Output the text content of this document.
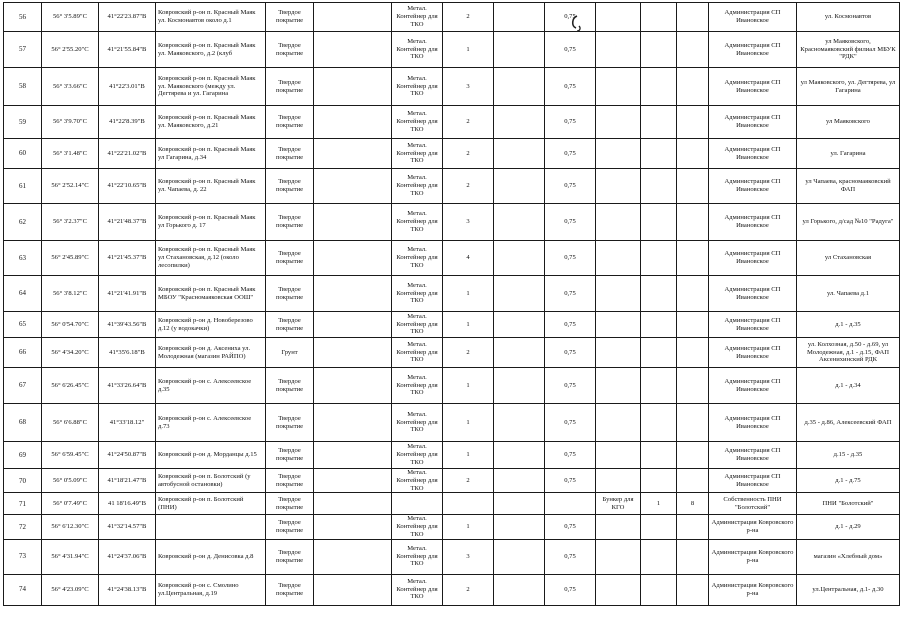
56	56° 3'5.89"С	41°22'23.87"В	Ковровский р-он п. Красный Маяк ул. Космонавтов около д.1	Твердое покрытие		Метал. Контейнер для ТКО	2		0,75				Администрация СП Ивановское	ул. Космонавтов
57	56° 2'55.20"С	41°21'55.84"В	Ковровский р-он п. Красный Маяк ул. Маяковского, д.2 (клуб	Твердое покрытие		Метал. Контейнер для ТКО	1		0,75				Администрация СП Ивановское	ул Маяковского, Красномаяковский филиал МБУК "РДК"
58	56° 3'3.66"С	41°22'3.01"В	Ковровский р-он п. Красный Маяк ул. Маяковского (между ул. Дегтярева и ул. Гагарина	Твердое покрытие		Метал. Контейнер для ТКО	3		0,75				Администрация СП Ивановское	ул Маяковского, ул. Дегтярева, ул Гагарина
59	56° 3'9.70"С	41°22'8.39"В	Ковровский р-он п. Красный Маяк ул. Маяковского, д.21	Твердое покрытие		Метал. Контейнер для ТКО	2		0,75				Администрация СП Ивановское	ул Маяковского
60	56° 3'1.48"С	41°22'21.02"В	Ковровский р-он п. Красный Маяк ул Гагарина, д.34	Твердое покрытие		Метал. Контейнер для ТКО	2		0,75				Администрация СП Ивановское	ул. Гагарина
61	56° 2'52.14"С	41°22'10.65"В	Ковровский р-он п. Красный Маяк ул. Чапаева, д. 22	Твердое покрытие		Метал. Контейнер для ТКО	2		0,75				Администрация СП Ивановское	ул Чапаева, красномаяковский ФАП
62	56° 3'2.37"С	41°21'48.37"В	Ковровский р-он п. Красный Маяк ул Горького д. 17	Твердое покрытие		Метал. Контейнер для ТКО	3		0,75				Администрация СП Ивановское	ул Горького, д/сад №10 "Радуга"
63	56° 2'45.89"С	41°21'45.37"В	Ковровский р-он п. Красный Маяк ул Стахановская, д.12 (около лесопилки)	Твердое покрытие		Метал. Контейнер для ТКО	4		0,75				Администрация СП Ивановское	ул Стахановская
64	56° 3'8.12"С	41°21'41.91"В	Ковровский р-он п. Красный Маяк МБОУ "Красномаяковская ООШ"	Твердое покрытие		Метал. Контейнер для ТКО	1		0,75				Администрация СП Ивановское	ул. Чапаева д.1
65	56° 0'54.70"С	41°39'43.56"В	Ковровский р-он д. Новоберезово д.12 (у водокачки)	Твердое покрытие		Метал. Контейнер для ТКО	1		0,75				Администрация СП Ивановское	д.1 - д.35
66	56° 4'34.20"С	41°35'6.18"В	Ковровский р-он д. Аксениха ул. Молодежная (магазин РАЙПО)	Грунт		Метал. Контейнер для ТКО	2		0,75				Администрация СП Ивановское	ул. Колхозная, д.50 - д.69, ул Молодежная, д.1 - д.15, ФАП Аксенихинский РДК
67	56° 6'26.45"С	41°33'26.64"В	Ковровский р-он с. Алексеевское д.35	Твердое покрытие		Метал. Контейнер для ТКО	1		0,75				Администрация СП Ивановское	д.1 - д.34
68	56° 6'6.88"С	41°33'18.12"	Ковровский р-он с. Алексеевское д.73	Твердое покрытие		Метал. Контейнер для ТКО	1		0,75				Администрация СП Ивановское	д.35 - д.86, Алексеевский ФАП
69	56° 6'59.45"С	41°24'50.87"В	Ковровский р-он д. Морданцы д.15	Твердое покрытие		Метал. Контейнер для ТКО	1		0,75				Администрация СП Ивановское	д.15 - д.35
70	56° 0'5.09"С	41°18'21.47"В	Ковровский р-он п. Болотский (у автобусной остановки)	Твердое покрытие		Метал. Контейнер для ТКО	2		0,75				Администрация СП Ивановское	д.1 - д.75
71	56° 0'7.49"С	41 18'16.49"В	Ковровский р-он п. Болотский (ПНИ)	Твердое покрытие						Бункер для КГО	1	8	Собственность ПНИ "Болотский"	ПНИ "Болотский"
72	56° 6'12.30"С	41°32'14.57"В		Твердое покрытие		Метал. Контейнер для ТКО	1		0,75				Администрация Ковровского р-на	д.1 - д.29
73	56° 4'31.94"С	41°24'37.06"В	Ковровский р-он д. Денисовка д.8	Твердое покрытие		Метал. Контейнер для ТКО	3		0,75				Администрация Ковровского р-на	магазин «Хлебный дом»
74	56° 4'23.09"С	41°24'38.13"В	Ковровский р-он с. Смолино ул.Центральная, д.19	Твердое покрытие		Метал. Контейнер для ТКО	2		0,75				Администрация Ковровского р-на	ул.Центральная, д.1- д.30
